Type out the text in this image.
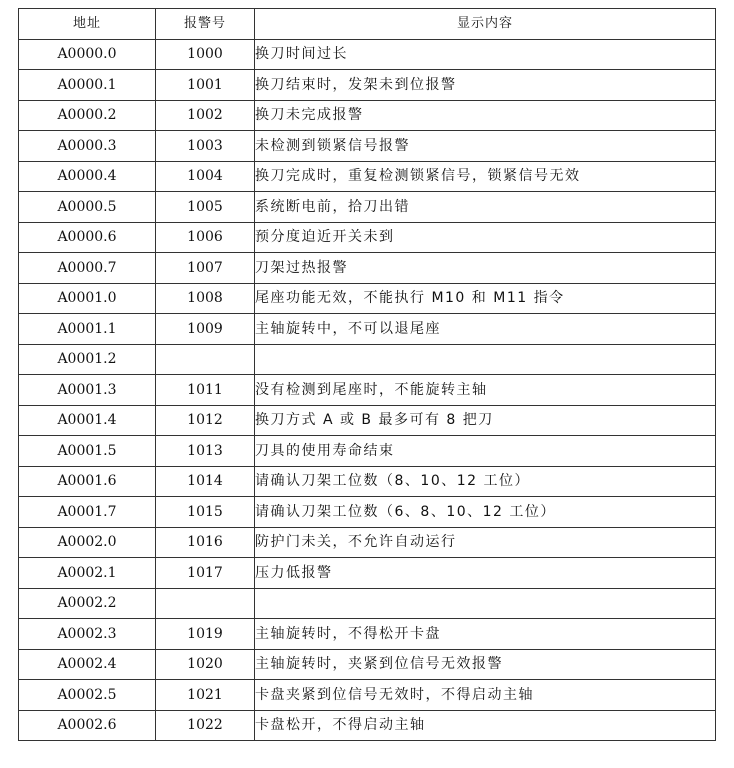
地址	报警号	显示内容
A0000.0	1000	换刀时间过长
A0000.1	1001	换刀结束时，发架未到位报警
A0000.2	1002	换刀未完成报警
A0000.3	1003	未检测到锁紧信号报警
A0000.4	1004	换刀完成时，重复检测锁紧信号，锁紧信号无效
A0000.5	1005	系统断电前，拾刀出错
A0000.6	1006	预分度迫近开关未到
A0000.7	1007	刀架过热报警
A0001.0	1008	尾座功能无效，不能执行 M10 和 M11 指令
A0001.1	1009	主轴旋转中，不可以退尾座
A0001.2		
A0001.3	1011	没有检测到尾座时，不能旋转主轴
A0001.4	1012	换刀方式 A 或 B 最多可有 8 把刀
A0001.5	1013	刀具的使用寿命结束
A0001.6	1014	请确认刀架工位数（8、10、12 工位）
A0001.7	1015	请确认刀架工位数（6、8、10、12 工位）
A0002.0	1016	防护门未关，不允许自动运行
A0002.1	1017	压力低报警
A0002.2		
A0002.3	1019	主轴旋转时，不得松开卡盘
A0002.4	1020	主轴旋转时，夹紧到位信号无效报警
A0002.5	1021	卡盘夹紧到位信号无效时，不得启动主轴
A0002.6	1022	卡盘松开，不得启动主轴
